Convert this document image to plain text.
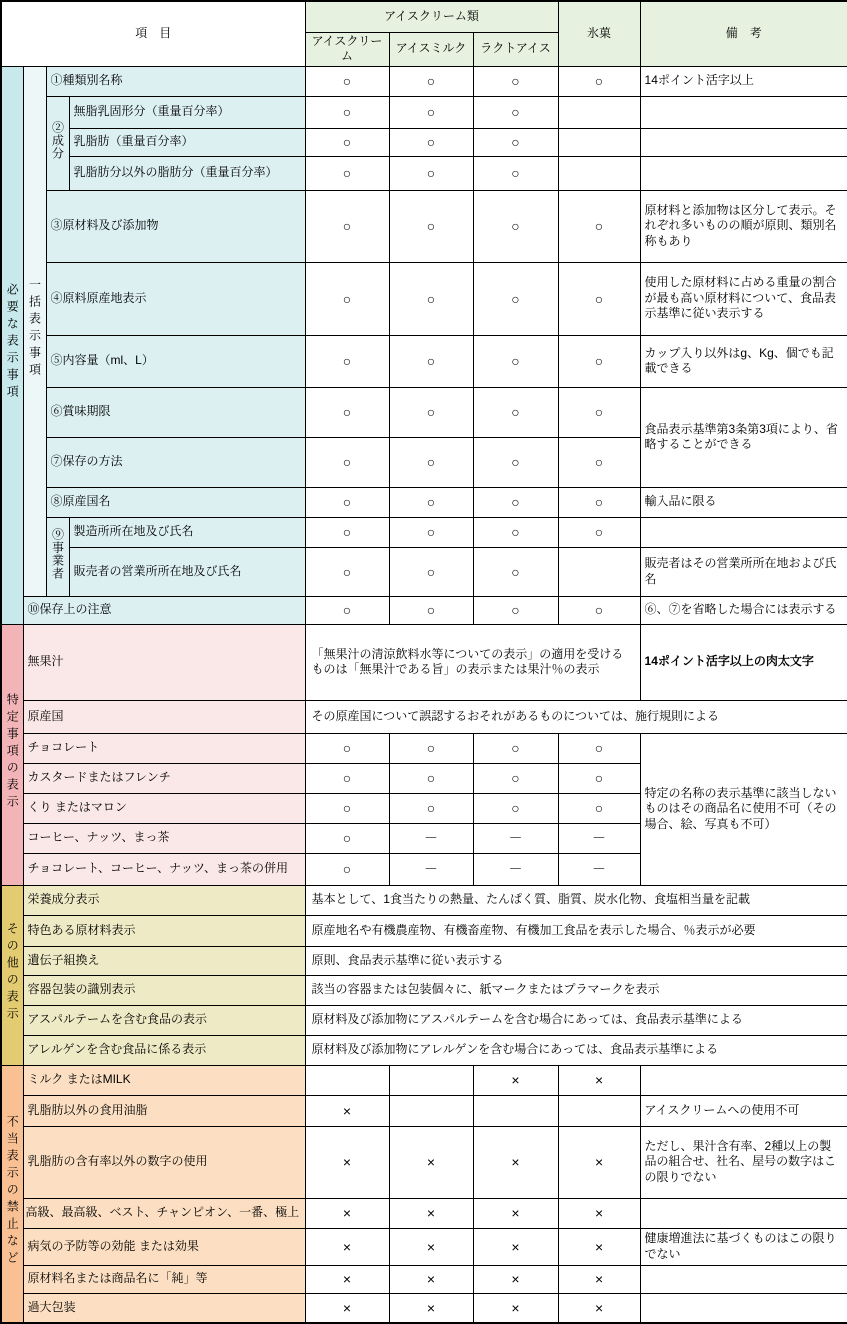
項　目				アイスクリーム類			氷菓	備　考
				アイスクリーム	アイスミルク	ラクトアイス		
必要な表示事項	一括表示事項	①種類別名称		○	○	○	○	14ポイント活字以上
		②成分	無脂乳固形分（重量百分率）	○	○	○		
			乳脂肪（重量百分率）	○	○	○		
			乳脂肪分以外の脂肪分（重量百分率）	○	○	○		
		③原材料及び添加物		○	○	○	○	原材料と添加物は区分して表示。それぞれ多いものの順が原則、類別名称もあり
		④原料原産地表示		○	○	○	○	使用した原材料に占める重量の割合が最も高い原材料について、食品表示基準に従い表示する
		⑤内容量（ml、L）		○	○	○	○	カップ入り以外はg、Kg、個でも記載できる
		⑥賞味期限		○	○	○	○	食品表示基準第3条第3項により、省略することができる
		⑦保存の方法		○	○	○	○	
		⑧原産国名		○	○	○	○	輸入品に限る
		⑨事業者	製造所所在地及び氏名	○	○	○	○	
			販売者の営業所所在地及び氏名	○	○	○		販売者はその営業所所在地および氏名
	⑩保存上の注意			○	○	○	○	⑥、⑦を省略した場合には表示する
特定事項の表示	無果汁			「無果汁の清涼飲料水等についての表示」の適用を受けるものは「無果汁である旨」の表示または果汁％の表示				14ポイント活字以上の肉太文字
	原産国			その原産国について誤認するおそれがあるものについては、施行規則による				
	チョコレート			○	○	○	○	特定の名称の表示基準に該当しないものはその商品名に使用不可（その場合、絵、写真も不可）
	カスタードまたはフレンチ			○	○	○	○	
	くり またはマロン			○	○	○	○	
	コーヒー、ナッツ、まっ茶			○	－	－	－	
	チョコレート、コーヒー、ナッツ、まっ茶の併用			○	－	－	－	
その他の表示	栄養成分表示			基本として、1食当たりの熱量、たんぱく質、脂質、炭水化物、食塩相当量を記載				
	特色ある原材料表示			原産地名や有機農産物、有機畜産物、有機加工食品を表示した場合、％表示が必要				
	遺伝子組換え			原則、食品表示基準に従い表示する				
	容器包装の識別表示			該当の容器または包装個々に、紙マークまたはプラマークを表示				
	アスパルテームを含む食品の表示			原材料及び添加物にアスパルテームを含む場合にあっては、食品表示基準による				
	アレルゲンを含む食品に係る表示			原材料及び添加物にアレルゲンを含む場合にあっては、食品表示基準による				
不当表示の禁止など	ミルク またはMILK					×	×	
	乳脂肪以外の食用油脂			×				アイスクリームへの使用不可
	乳脂肪の含有率以外の数字の使用			×	×	×	×	ただし、果汁含有率、2種以上の製品の組合せ、社名、屋号の数字はこの限りでない
	高級、最高級、ベスト、チャンピオン、一番、極上			×	×	×	×	
	病気の予防等の効能 または効果			×	×	×	×	健康増進法に基づくものはこの限りでない
	原材料名または商品名に「純」等			×	×	×	×	
	過大包装			×	×	×	×	
